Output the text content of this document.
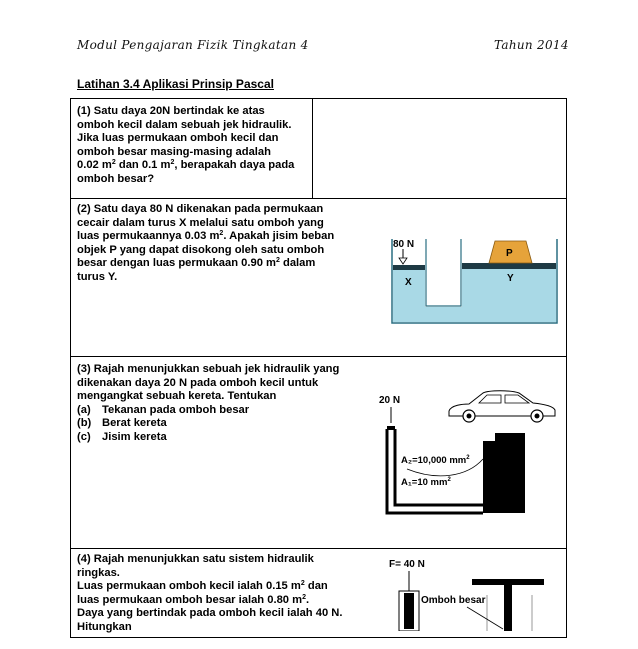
Modul Pengajaran Fizik Tingkatan 4	Tahun 2014
Latihan 3.4 Aplikasi Prinsip Pascal

(1) Satu daya 20N bertindak ke atas

omboh kecil dalam sebuah jek hidraulik.

Jika luas permukaan omboh kecil dan

omboh besar masing-masing adalah

0.02 $m^2$ dan 0.1 $m^2$, berapakah daya pada

omboh besar?

(2) Satu daya 80 N dikenakan pada permukaan

cecair dalam turus X melalui satu omboh yang

luas permukaannya 0.03 $m^2$. Apakah jisim beban

objek P yang dapat disokong oleh satu omboh

besar dengan luas permukaan 0.90 $m^2$ dalam

turus Y.

80 N
X
P
Y

(3) Rajah menunjukkan sebuah jek hidraulik yang

dikenakan daya 20 N pada omboh kecil untuk

mengangkat sebuah kereta. Tentukan

(a)	Tekanan pada omboh besar
(b) Berat kereta
(c)	Jisim kereta
20 N
A₂=10,000 $mm^2$
A₁=10 $mm^2$

(4) Rajah menunjukkan satu sistem hidraulik

ringkas.

Luas permukaan omboh kecil ialah 0.15 $m^2$ dan

luas permukaan omboh besar ialah 0.80 $m^2$.

Daya yang bertindak pada omboh kecil ialah 40 N.

Hitungkan

F= 40 N
Omboh besar
